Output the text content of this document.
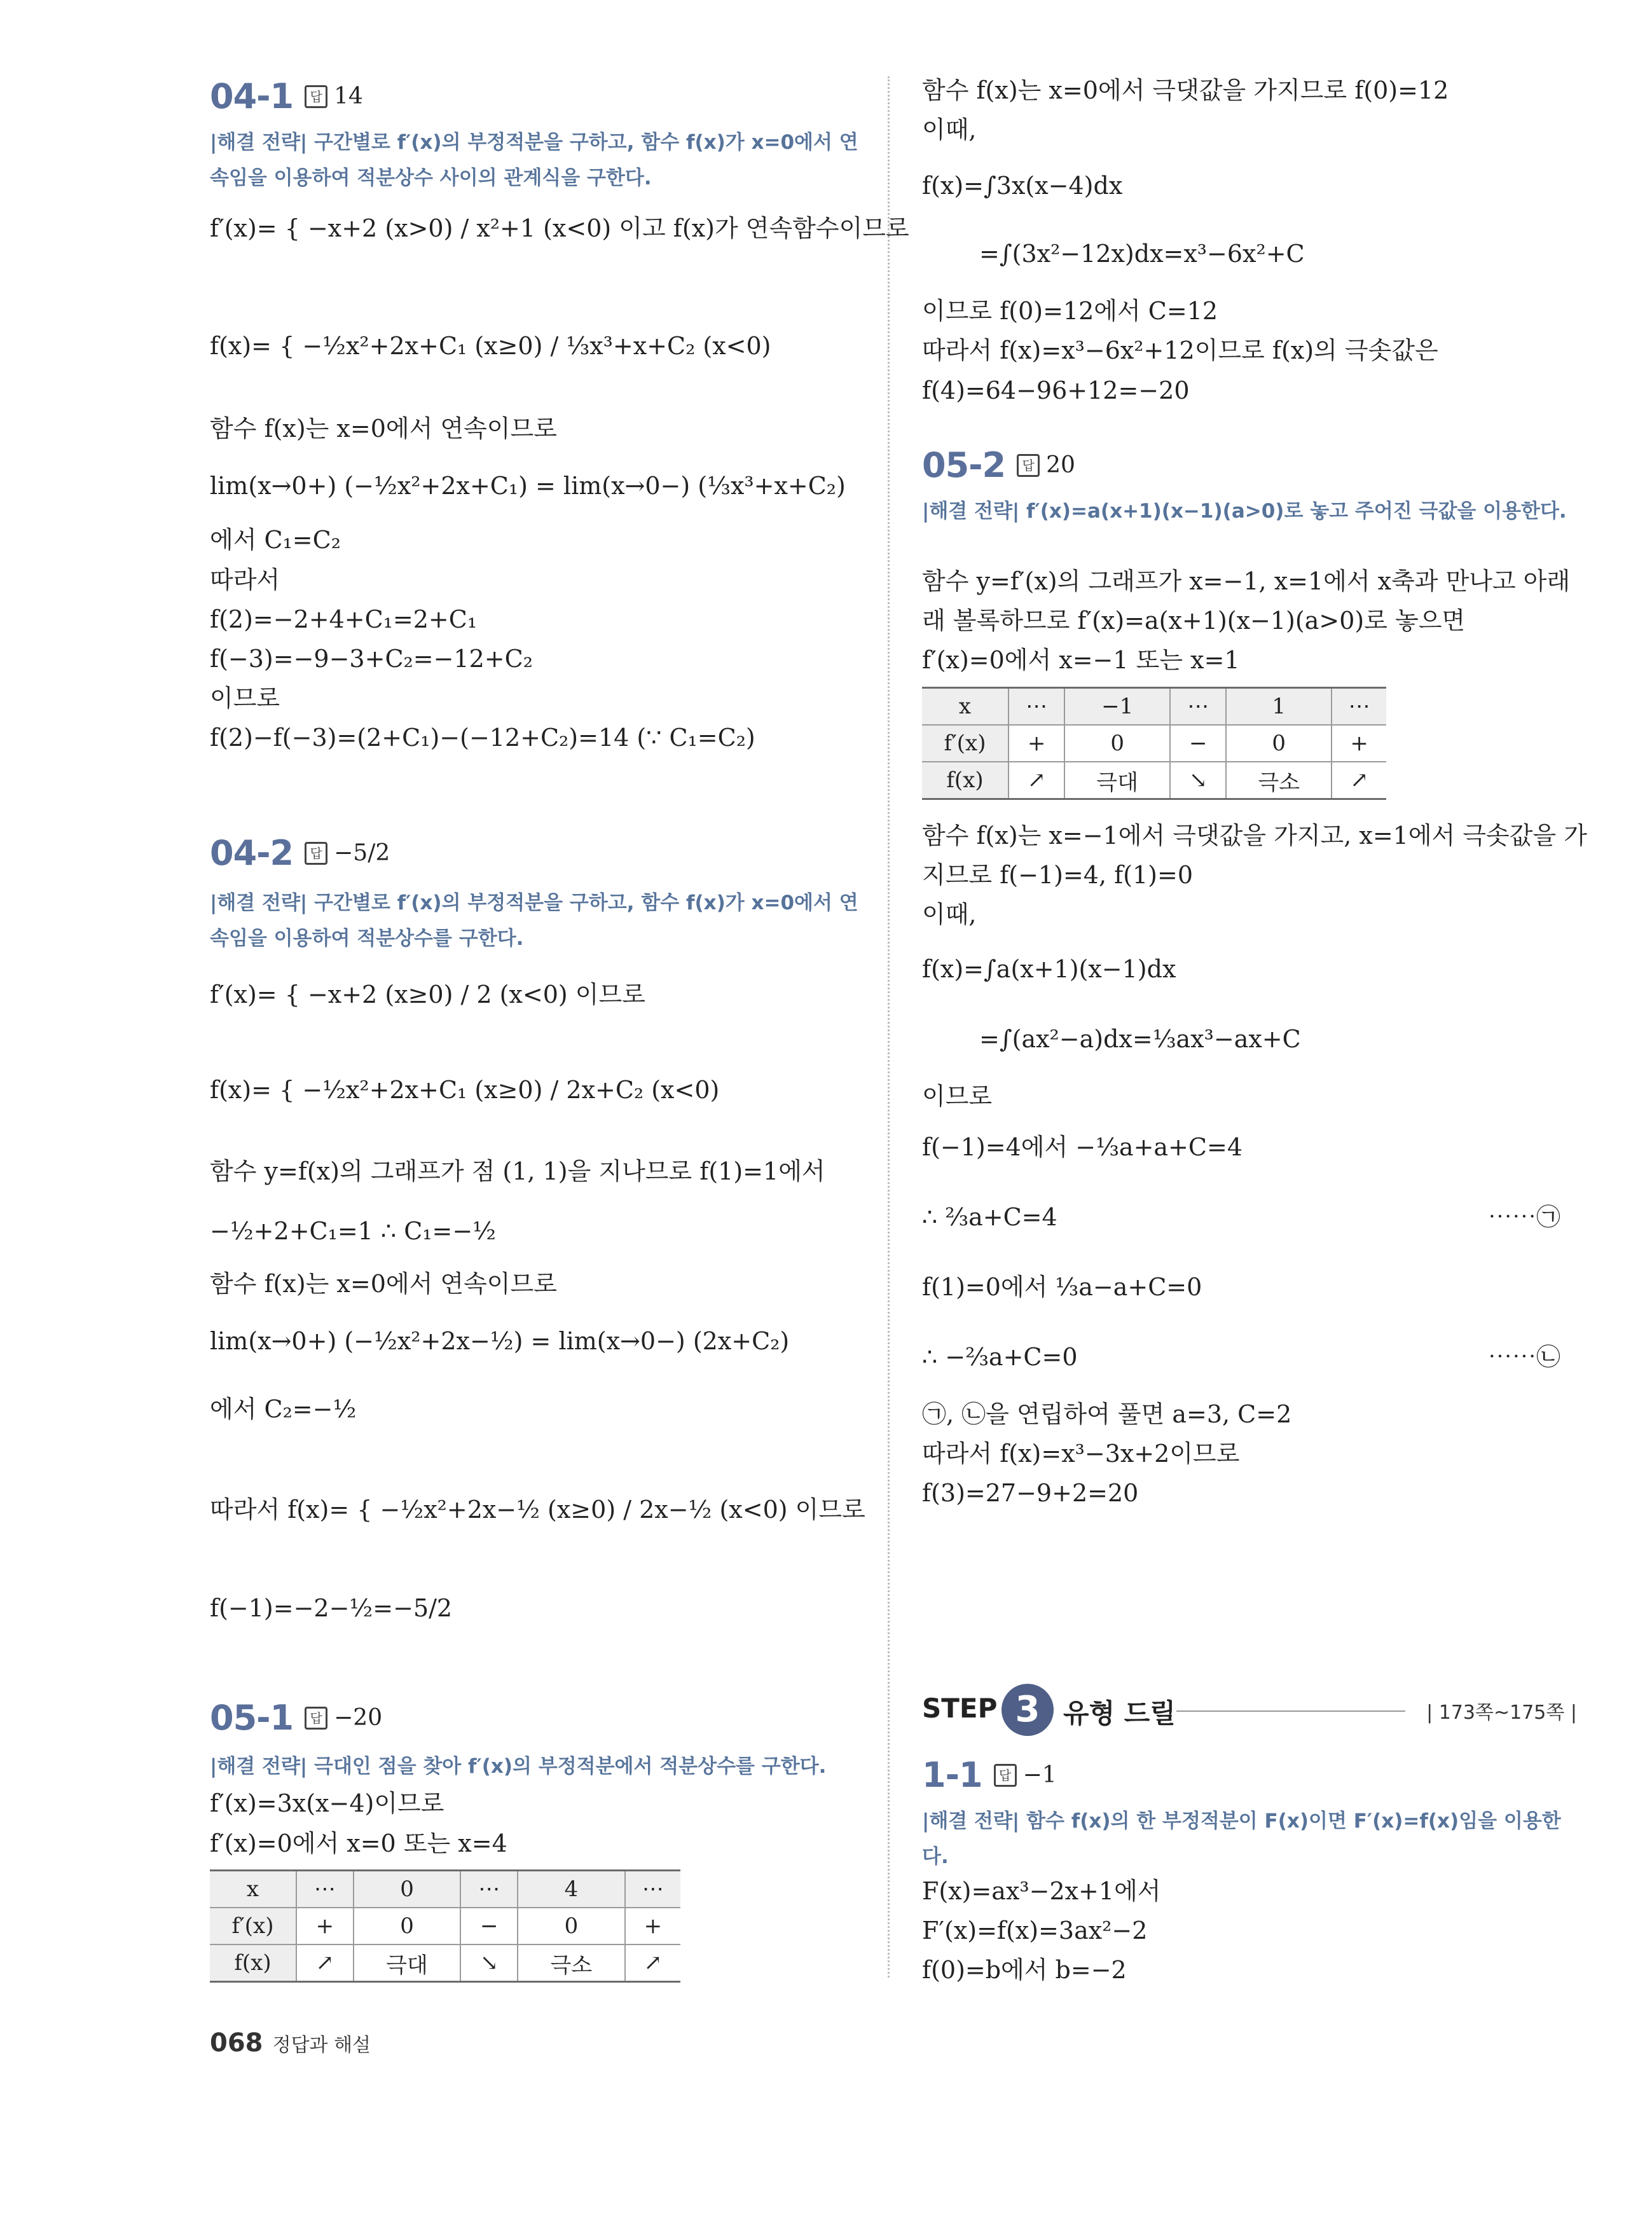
04-1 답 14
|해결 전략| 구간별로 f′(x)의 부정적분을 구하고, 함수 f(x)가 x=0에서 연속임을 이용하여 적분상수 사이의 관계식을 구한다.
f′(x)= { −x+2 (x>0) / x²+1 (x<0) 이고 f(x)가 연속함수이므로
f(x)= { −½x²+2x+C₁ (x≥0) / ⅓x³+x+C₂ (x<0)
함수 f(x)는 x=0에서 연속이므로
lim(x→0+) (−½x²+2x+C₁) = lim(x→0−) (⅓x³+x+C₂)
에서 C₁=C₂
따라서
f(2)=−2+4+C₁=2+C₁
f(−3)=−9−3+C₂=−12+C₂
이므로
f(2)−f(−3)=(2+C₁)−(−12+C₂)=14 (∵ C₁=C₂)
04-2 답 −5/2
|해결 전략| 구간별로 f′(x)의 부정적분을 구하고, 함수 f(x)가 x=0에서 연속임을 이용하여 적분상수를 구한다.
f′(x)= { −x+2 (x≥0) / 2 (x<0) 이므로
f(x)= { −½x²+2x+C₁ (x≥0) / 2x+C₂ (x<0)
함수 y=f(x)의 그래프가 점 (1, 1)을 지나므로 f(1)=1에서
−½+2+C₁=1 ∴ C₁=−½
함수 f(x)는 x=0에서 연속이므로
lim(x→0+) (−½x²+2x−½) = lim(x→0−) (2x+C₂)
에서 C₂=−½
따라서 f(x)= { −½x²+2x−½ (x≥0) / 2x−½ (x<0) 이므로
f(−1)=−2−½=−5/2
05-1 답 −20
|해결 전략| 극대인 점을 찾아 f′(x)의 부정적분에서 적분상수를 구한다.
f′(x)=3x(x−4)이므로
f′(x)=0에서 x=0 또는 x=4
x	⋯	0	⋯	4	⋯
f′(x)	+	0	−	0	+
f(x)	↗	극대	↘	극소	↗
함수 f(x)는 x=0에서 극댓값을 가지므로 f(0)=12
이때,
f(x)=∫3x(x−4)dx
=∫(3x²−12x)dx=x³−6x²+C
이므로 f(0)=12에서 C=12
따라서 f(x)=x³−6x²+12이므로 f(x)의 극솟값은
f(4)=64−96+12=−20
05-2 답 20
|해결 전략| f′(x)=a(x+1)(x−1)(a>0)로 놓고 주어진 극값을 이용한다.
함수 y=f′(x)의 그래프가 x=−1, x=1에서 x축과 만나고 아래
래 볼록하므로 f′(x)=a(x+1)(x−1)(a>0)로 놓으면
f′(x)=0에서 x=−1 또는 x=1
x	⋯	−1	⋯	1	⋯
f′(x)	+	0	−	0	+
f(x)	↗	극대	↘	극소	↗
함수 f(x)는 x=−1에서 극댓값을 가지고, x=1에서 극솟값을 가
지므로 f(−1)=4, f(1)=0
이때,
f(x)=∫a(x+1)(x−1)dx
=∫(ax²−a)dx=⅓ax³−ax+C
이므로
f(−1)=4에서 −⅓a+a+C=4
∴ ⅔a+C=4	⋯⋯㉠
f(1)=0에서 ⅓a−a+C=0
∴ −⅔a+C=0	⋯⋯㉡
㉠, ㉡을 연립하여 풀면 a=3, C=2
따라서 f(x)=x³−3x+2이므로
f(3)=27−9+2=20
STEP 3 유형 드릴	| 173쪽~175쪽 |
1-1 답 −1
|해결 전략| 함수 f(x)의 한 부정적분이 F(x)이면 F′(x)=f(x)임을 이용한다.
F(x)=ax³−2x+1에서
F′(x)=f(x)=3ax²−2
f(0)=b에서 b=−2
068 정답과 해설
